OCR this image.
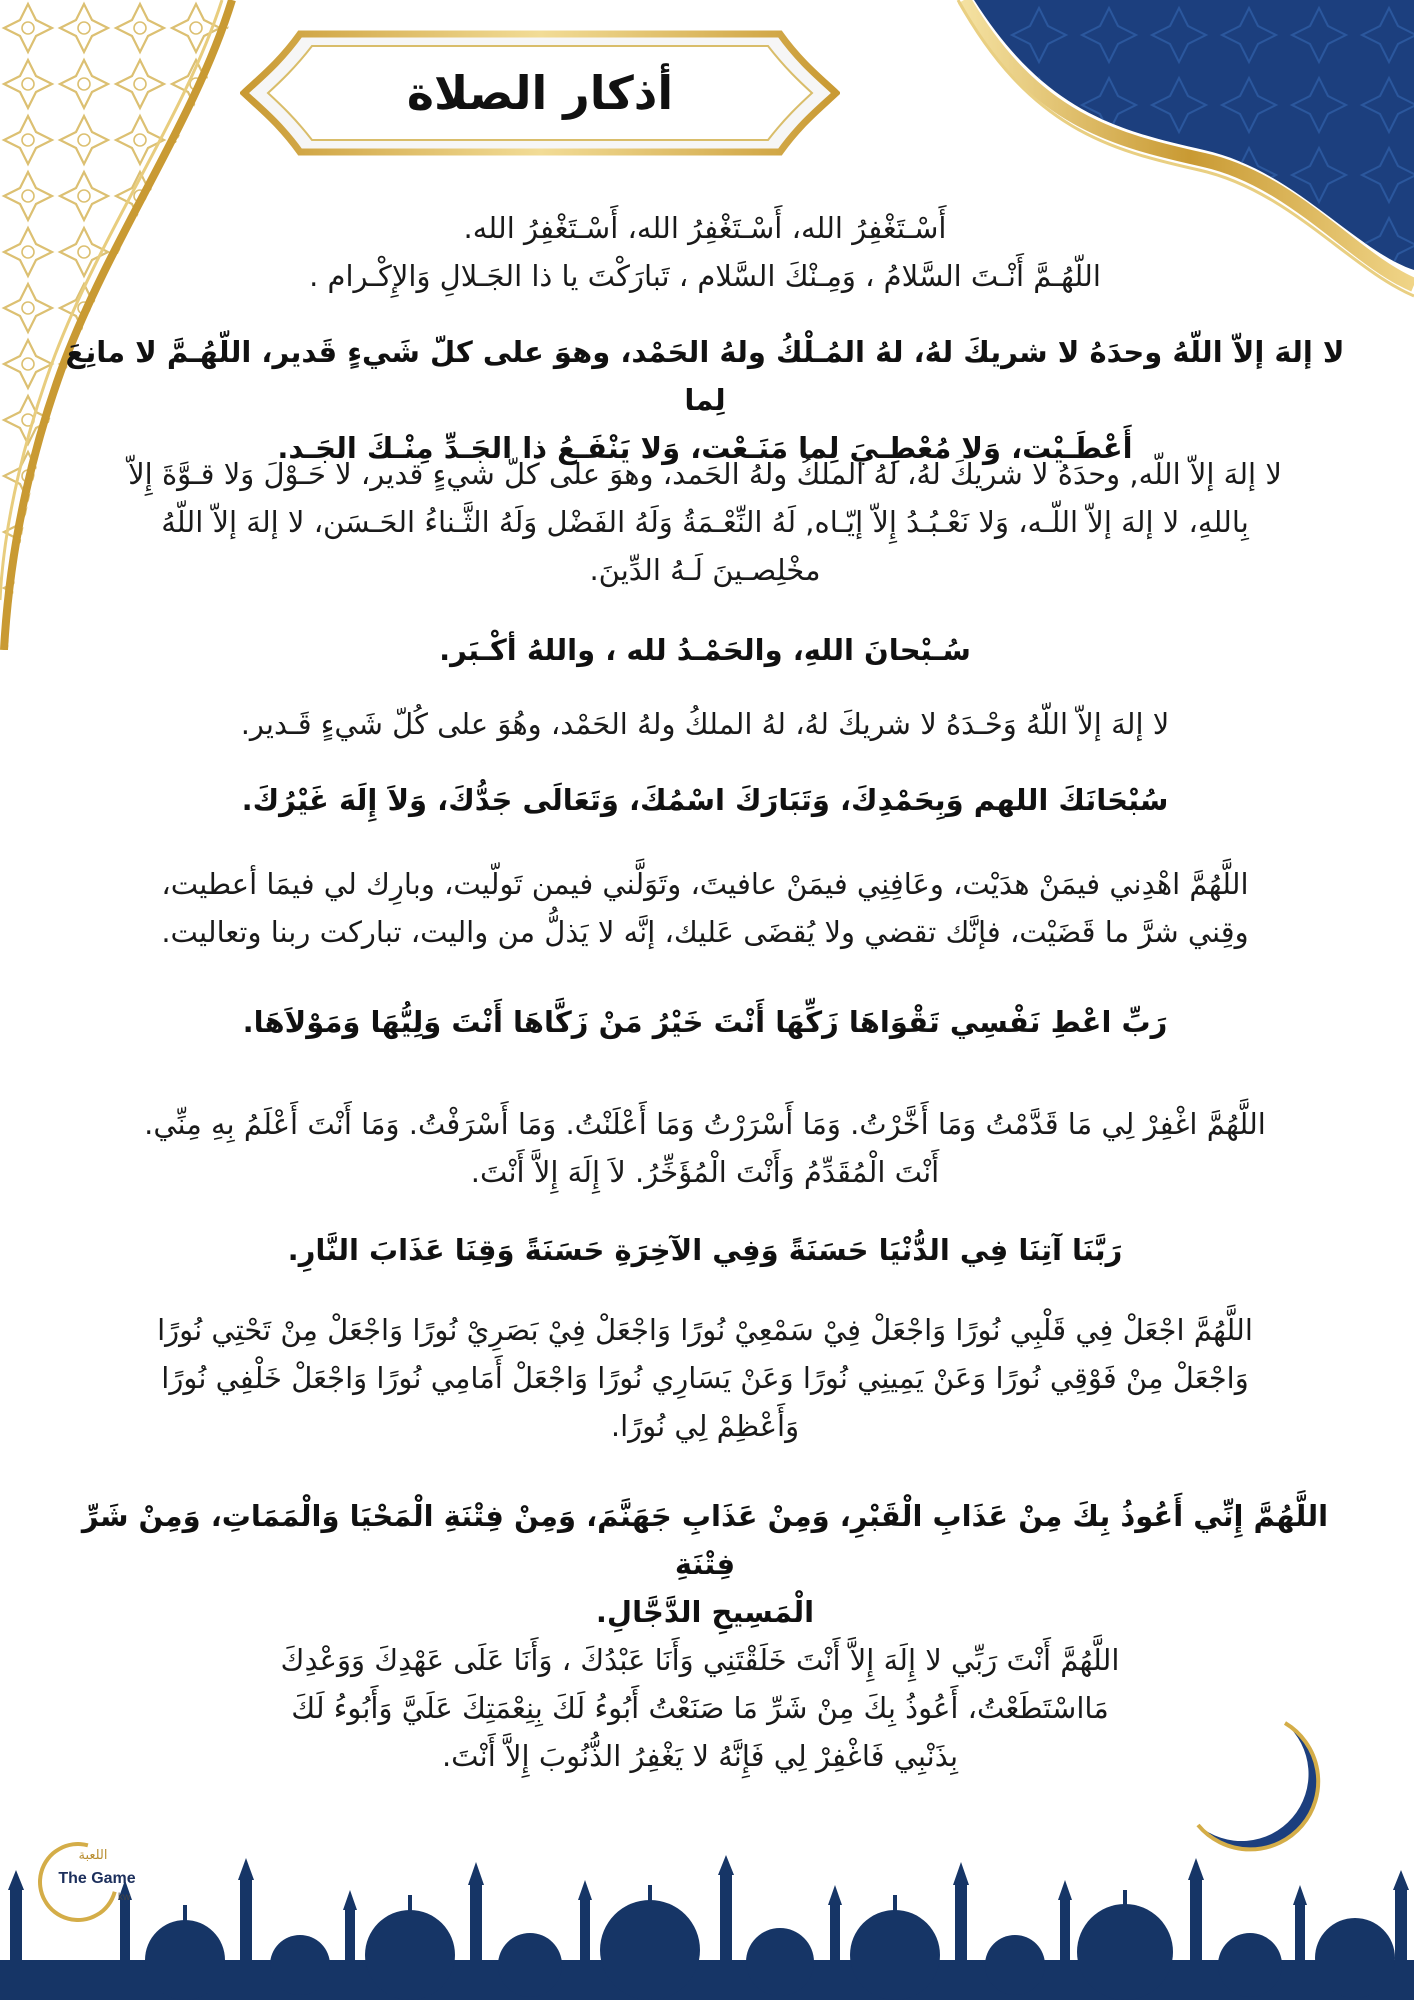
أذكار الصلاة
أَسْـتَغْفِرُ الله، أَسْـتَغْفِرُ الله، أَسْـتَغْفِرُ الله.
اللّهُـمَّ أَنْـتَ السَّلامُ ، وَمِـنْكَ السَّلام ، تَبارَكْتَ يا ذا الجَـلالِ وَالإِكْـرام .
لا إلهَ إلاّ اللّهُ وحدَهُ لا شريكَ لهُ، لهُ المُـلْكُ ولهُ الحَمْد، وهوَ على كلّ شَيءٍ قَدير، اللّهُـمَّ لا مانِعَ لِما
أَعْطَـيْت، وَلا مُعْطِـيَ لِما مَنَـعْت، وَلا يَنْفَـعُ ذا الجَـدِّ مِنْـكَ الجَـد.
لا إلهَ إلاّ اللّه, وحدَهُ لا شريكَ لهُ، لهُ الملكُ ولهُ الحَمد، وهوَ على كلّ شيءٍ قدير، لا حَـوْلَ وَلا قـوَّةَ إِلاّ
بِاللهِ، لا إلهَ إلاّ اللّـه، وَلا نَعْـبُـدُ إِلاّ إيّـاه, لَهُ النِّعْـمَةُ وَلَهُ الفَضْل وَلَهُ الثَّـناءُ الحَـسَن، لا إلهَ إلاّ اللّهُ
مخْلِصـينَ لَـهُ الدِّينَ.
سُـبْحانَ اللهِ، والحَمْـدُ لله ، واللهُ أكْـبَر.
لا إلهَ إلاّ اللّهُ وَحْـدَهُ لا شريكَ لهُ، لهُ الملكُ ولهُ الحَمْد، وهُوَ على كُلّ شَيءٍ قَـدير.
سُبْحَانَكَ اللهم وَبِحَمْدِكَ، وَتَبَارَكَ اسْمُكَ، وَتَعَالَى جَدُّكَ، وَلاَ إِلَهَ غَيْرُكَ.
اللَّهُمَّ اهْدِني فيمَنْ هدَيْت، وعَافِنِي فيمَنْ عافيتَ، وتَوَلَّني فيمن تَولّيت، وبارِك لي فيمَا أعطيت،
وقِني شرَّ ما قَضَيْت، فإنَّك تقضي ولا يُقضَى عَليك، إنَّه لا يَذلُّ من واليت، تباركت ربنا وتعاليت.
رَبِّ اعْطِ نَفْسِي تَقْوَاهَا زَكِّهَا أَنْتَ خَيْرُ مَنْ زَكَّاهَا أَنْتَ وَلِيُّهَا وَمَوْلاَهَا.
اللَّهُمَّ اغْفِرْ لِي مَا قَدَّمْتُ وَمَا أَخَّرْتُ. وَمَا أَسْرَرْتُ وَمَا أَعْلَنْتُ. وَمَا أَسْرَفْتُ. وَمَا أَنْتَ أَعْلَمُ بِهِ مِنِّي.
أَنْتَ الْمُقَدِّمُ وَأَنْتَ الْمُؤَخِّرُ. لاَ إِلَهَ إِلاَّ أَنْتَ.
رَبَّنَا آتِنَا فِي الدُّنْيَا حَسَنَةً وَفِي الآخِرَةِ حَسَنَةً وَقِنَا عَذَابَ النَّارِ.
اللَّهُمَّ اجْعَلْ فِي قَلْبِي نُورًا وَاجْعَلْ فِيْ سَمْعِيْ نُورًا وَاجْعَلْ فِيْ بَصَرِيْ نُورًا وَاجْعَلْ مِنْ تَحْتِي نُورًا
وَاجْعَلْ مِنْ فَوْقِي نُورًا وَعَنْ يَمِينِي نُورًا وَعَنْ يَسَارِي نُورًا وَاجْعَلْ أَمَامِي نُورًا وَاجْعَلْ خَلْفِي نُورًا
وَأَعْظِمْ لِي نُورًا.
اللَّهُمَّ إِنِّي أَعُوذُ بِكَ مِنْ عَذَابِ الْقَبْرِ، وَمِنْ عَذَابِ جَهَنَّمَ، وَمِنْ فِتْنَةِ الْمَحْيَا وَالْمَمَاتِ، وَمِنْ شَرِّ فِتْنَةِ
الْمَسِيحِ الدَّجَّالِ.
اللَّهُمَّ أَنْتَ رَبِّي لا إِلَهَ إِلاَّ أَنْتَ خَلَقْتَنِي وَأَنَا عَبْدُكَ ، وَأَنَا عَلَى عَهْدِكَ وَوَعْدِكَ
مَااسْتَطَعْتُ، أَعُوذُ بِكَ مِنْ شَرِّ مَا صَنَعْتُ أَبُوءُ لَكَ بِنِعْمَتِكَ عَلَيَّ وَأَبُوءُ لَكَ
بِذَنْبِي فَاغْفِرْ لِي فَإِنَّهُ لا يَغْفِرُ الذُّنُوبَ إِلاَّ أَنْتَ.
اللعبة
The Game
kw
